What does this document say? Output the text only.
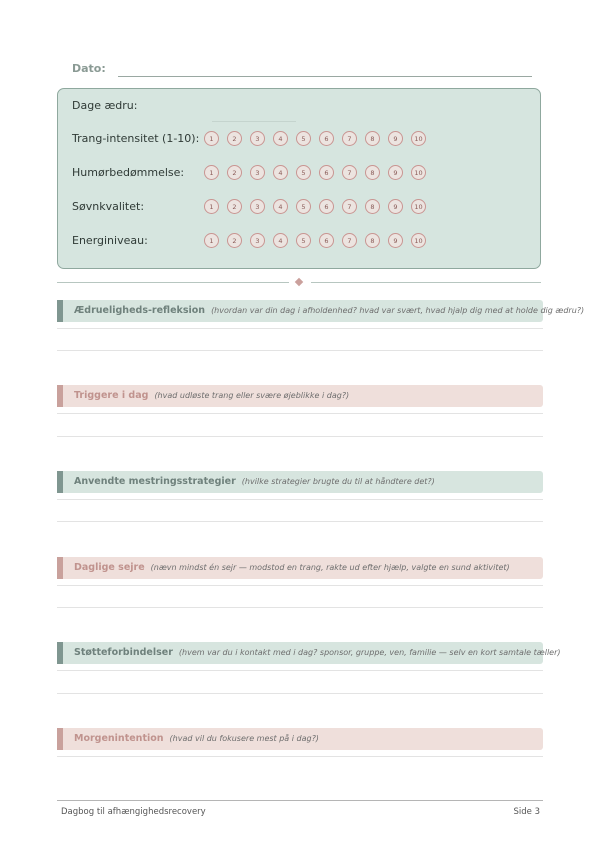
Dato:
Dage ædru:
Trang-intensitet (1-10):	1	2	3	4	5	6	7	8	9	10
Humørbedømmelse:	1	2	3	4	5	6	7	8	9	10
Søvnkvalitet:	1	2	3	4	5	6	7	8	9	10
Energiniveau:	1	2	3	4	5	6	7	8	9	10
Ædrueligheds-refleksion (hvordan var din dag i afholdenhed? hvad var svært, hvad hjalp dig med at holde dig ædru?)
Triggere i dag (hvad udløste trang eller svære øjeblikke i dag?)
Anvendte mestringsstrategier (hvilke strategier brugte du til at håndtere det?)
Daglige sejre (nævn mindst én sejr — modstod en trang, rakte ud efter hjælp, valgte en sund aktivitet)
Støtteforbindelser (hvem var du i kontakt med i dag? sponsor, gruppe, ven, familie — selv en kort samtale tæller)
Morgenintention (hvad vil du fokusere mest på i dag?)
Dagbog til afhængighedsrecovery	Side 3
